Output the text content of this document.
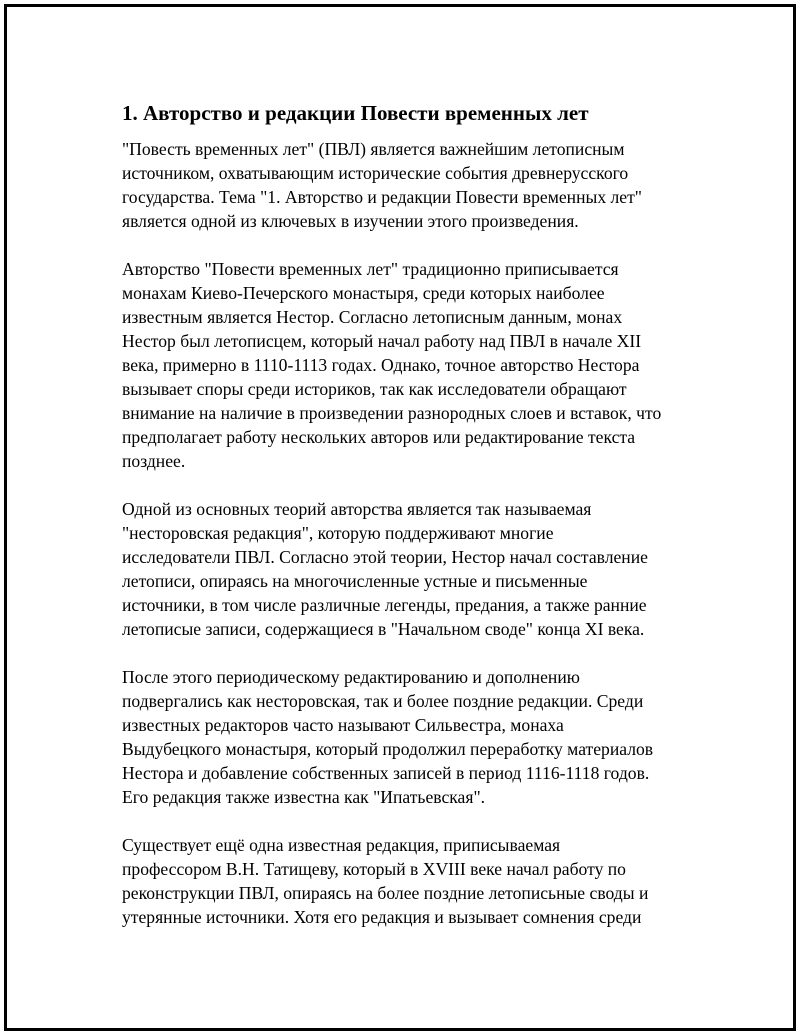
1. Авторство и редакции Повести временных лет

"Повесть временных лет" (ПВЛ) является важнейшим летописным
источником, охватывающим исторические события древнерусского
государства. Тема "1. Авторство и редакции Повести временных лет"
является одной из ключевых в изучении этого произведения.

Авторство "Повести временных лет" традиционно приписывается
монахам Киево-Печерского монастыря, среди которых наиболее
известным является Нестор. Согласно летописным данным, монах
Нестор был летописцем, который начал работу над ПВЛ в начале XII
века, примерно в 1110-1113 годах. Однако, точное авторство Нестора
вызывает споры среди историков, так как исследователи обращают
внимание на наличие в произведении разнородных слоев и вставок, что
предполагает работу нескольких авторов или редактирование текста
позднее.

Одной из основных теорий авторства является так называемая
"несторовская редакция", которую поддерживают многие
исследователи ПВЛ. Согласно этой теории, Нестор начал составление
летописи, опираясь на многочисленные устные и письменные
источники, в том числе различные легенды, предания, а также ранние
летописые записи, содержащиеся в "Начальном своде" конца XI века.

После этого периодическому редактированию и дополнению
подвергались как несторовская, так и более поздние редакции. Среди
известных редакторов часто называют Сильвестра, монаха
Выдубецкого монастыря, который продолжил переработку материалов
Нестора и добавление собственных записей в период 1116-1118 годов.
Его редакция также известна как "Ипатьевская".

Существует ещё одна известная редакция, приписываемая
профессором В.Н. Татищеву, который в XVIII веке начал работу по
реконструкции ПВЛ, опираясь на более поздние летописьные своды и
утерянные источники. Хотя его редакция и вызывает сомнения среди
